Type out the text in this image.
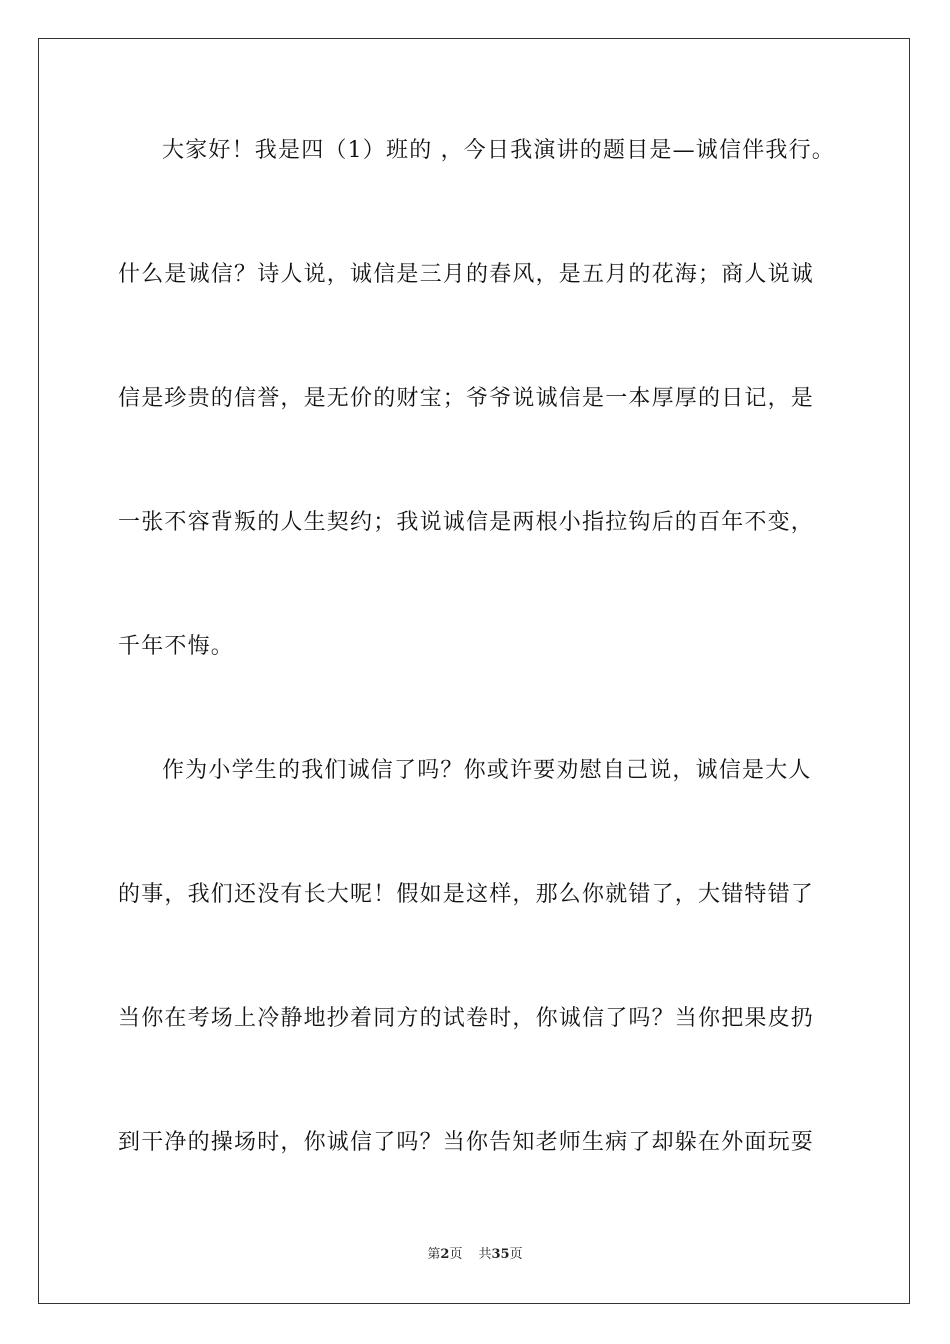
大家好！我是四（1）班的 ，今日我演讲的题目是—诚信伴我行。
什么是诚信？诗人说，诚信是三月的春风，是五月的花海；商人说诚
信是珍贵的信誉，是无价的财宝；爷爷说诚信是一本厚厚的日记，是
一张不容背叛的人生契约；我说诚信是两根小指拉钩后的百年不变，
千年不悔。
作为小学生的我们诚信了吗？你或许要劝慰自己说，诚信是大人
的事，我们还没有长大呢！假如是这样，那么你就错了，大错特错了
当你在考场上冷静地抄着同方的试卷时，你诚信了吗？当你把果皮扔
到干净的操场时，你诚信了吗？当你告知老师生病了却躲在外面玩耍
第2页 共35页
